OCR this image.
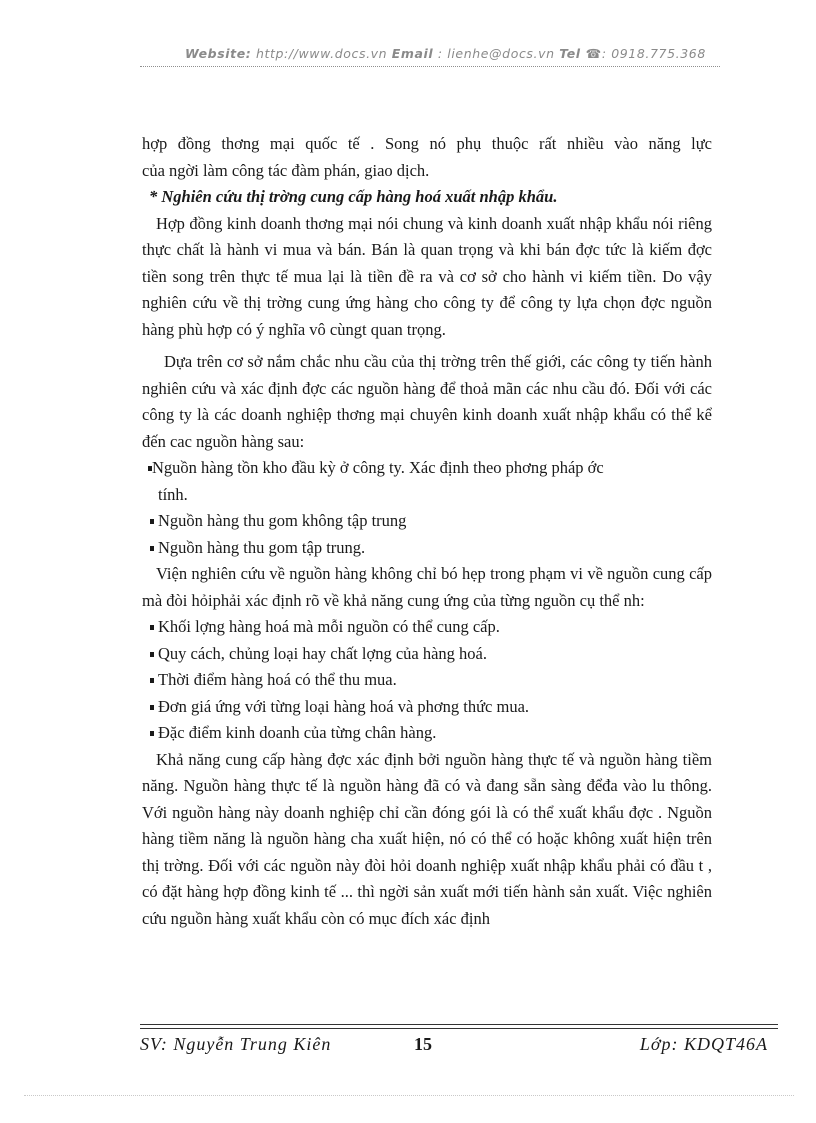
Website: http://www.docs.vn Email : lienhe@docs.vn Tel ☎: 0918.775.368

hợp đồng thơng mại quốc tế . Song nó phụ thuộc rất nhiều vào năng lực

của ngời làm công tác đàm phán, giao dịch.

* Nghiên cứu thị trờng cung cấp hàng hoá xuất nhập khẩu.

Hợp đồng kinh doanh thơng mại nói chung và kinh doanh xuất nhập khẩu nói riêng thực chất là hành vi mua và bán. Bán là quan trọng và khi bán đợc tức là kiếm đợc tiền song trên thực tế mua lại là tiền đề ra và cơ sở cho hành vi kiếm tiền. Do vậy nghiên cứu về thị trờng cung ứng hàng cho công ty để công ty lựa chọn đợc nguồn hàng phù hợp có ý nghĩa vô cùngt quan trọng.

Dựa trên cơ sở nắm chắc nhu cầu của thị trờng trên thế giới, các công ty tiến hành nghiên cứu và xác định đợc các nguồn hàng để thoả mãn các nhu cầu đó. Đối với các công ty là các doanh nghiệp thơng mại chuyên kinh doanh xuất nhập khẩu có thể kể đến cac nguồn hàng sau:

Nguồn hàng tồn kho đầu kỳ ở công ty. Xác định theo phơng pháp ớc

tính.

Nguồn hàng thu gom không tập trung
Nguồn hàng thu gom tập trung.

Viện nghiên cứu về nguồn hàng không chỉ bó hẹp trong phạm vi về nguồn cung cấp mà đòi hỏiphải xác định rõ về khả năng cung ứng của từng nguồn cụ thể nh:

Khối lợng hàng hoá mà mỗi nguồn có thể cung cấp.
Quy cách, chủng loại hay chất lợng của hàng hoá.
Thời điểm hàng hoá có thể thu mua.
Đơn giá ứng với từng loại hàng hoá và phơng thức mua.
Đặc điểm kinh doanh của từng chân hàng.

Khả năng cung cấp hàng đợc xác định bởi nguồn hàng thực tế và nguồn hàng tiềm năng. Nguồn hàng thực tế là nguồn hàng đã có và đang sẵn sàng đểđa vào lu thông. Với nguồn hàng này doanh nghiệp chỉ cần đóng gói là có thể xuất khẩu đợc . Nguồn hàng tiềm năng là nguồn hàng cha xuất hiện, nó có thể có hoặc không xuất hiện trên thị trờng. Đối với các nguồn này đòi hỏi doanh nghiệp xuất nhập khẩu phải có đầu t , có đặt hàng hợp đồng kinh tế ... thì ngời sản xuất mới tiến hành sản xuất. Việc nghiên cứu nguồn hàng xuất khẩu còn có mục đích xác định

SV: Nguyễn Trung Kiên	15	Lớp: KDQT46A
